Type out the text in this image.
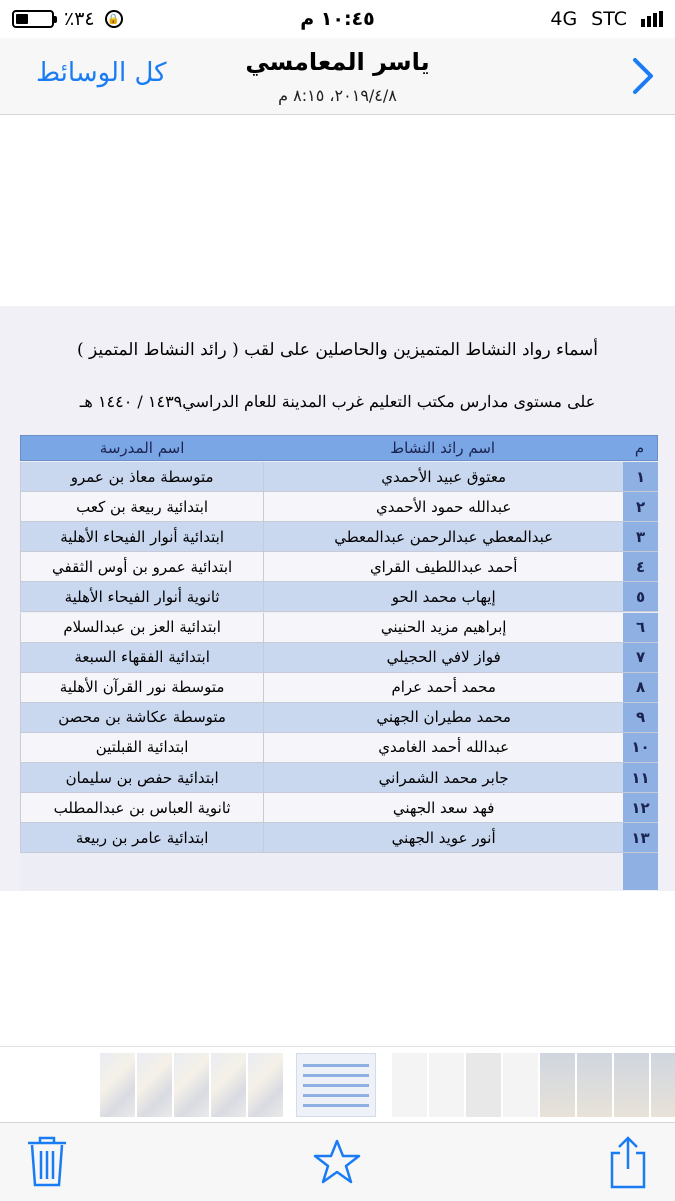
٪٣٤ 🔒	١٠:٤٥ م	4G STC
كل الوسائط	ياسر المعامسي
٢٠١٩/٤/٨، ٨:١٥ م
أسماء رواد النشاط المتميزين والحاصلين على لقب ( رائد النشاط المتميز )
على مستوى مدارس مكتب التعليم غرب المدينة للعام الدراسي١٤٣٩ / ١٤٤٠ هـ
اسم المدرسة	اسم رائد النشاط	م
متوسطة معاذ بن عمرو	معتوق عبيد الأحمدي	١
ابتدائية ربيعة بن كعب	عبدالله حمود الأحمدي	٢
ابتدائية أنوار الفيحاء الأهلية	عبدالمعطي عبدالرحمن عبدالمعطي	٣
ابتدائية عمرو بن أوس الثقفي	أحمد عبداللطيف القراي	٤
ثانوية أنوار الفيحاء الأهلية	إيهاب محمد الحو	٥
ابتدائية العز بن عبدالسلام	إبراهيم مزيد الحنيني	٦
ابتدائية الفقهاء السبعة	فواز لافي الحجيلي	٧
متوسطة نور القرآن الأهلية	محمد أحمد عرام	٨
متوسطة عكاشة بن محصن	محمد مطيران الجهني	٩
ابتدائية القبلتين	عبدالله أحمد الغامدي	١٠
ابتدائية حفص بن سليمان	جابر محمد الشمراني	١١
ثانوية العباس بن عبدالمطلب	فهد سعد الجهني	١٢
ابتدائية عامر بن ربيعة	أنور عويد الجهني	١٣
